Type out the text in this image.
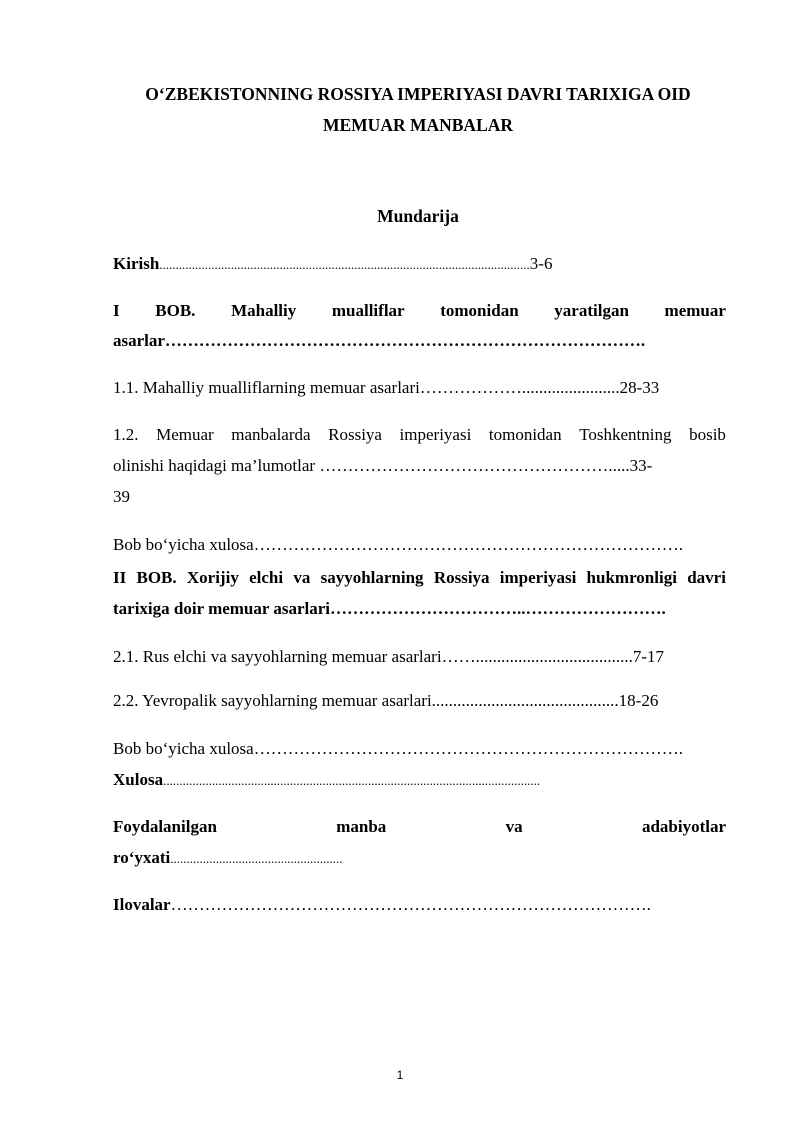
O‘ZBEKISTONNING ROSSIYA IMPERIYASI DAVRI TARIXIGA OID
MEMUAR MANBALAR
Mundarija
Kirish..................................................................................................................3-6
I BOB. Mahalliy mualliflar tomonidan yaratilgan memuar
asarlar………………………………………………………………………….
1.1. Mahalliy mualliflarning memuar asarlari……………….......................28-33
1.2. Memuar manbalarda Rossiya imperiyasi tomonidan Toshkentning bosib
olinishi haqidagi ma’lumotlar …………………………………………….....33-
39
Bob bo‘yicha xulosa………………………………………………………………….
II BOB. Xorijiy elchi va sayyohlarning Rossiya imperiyasi hukmronligi davri
tarixiga doir memuar asarlari……………………………..…………………….
2.1. Rus elchi va sayyohlarning memuar asarlari…….....................................7-17
2.2. Yevropalik sayyohlarning memuar asarlari............................................18-26
Bob bo‘yicha xulosa………………………………………………………………….
Xulosa....................................................................................................................
Foydalanilgan	manba	va	adabiyotlar
ro‘yxati.....................................................
Ilovalar………………………………………………………………………….
1
